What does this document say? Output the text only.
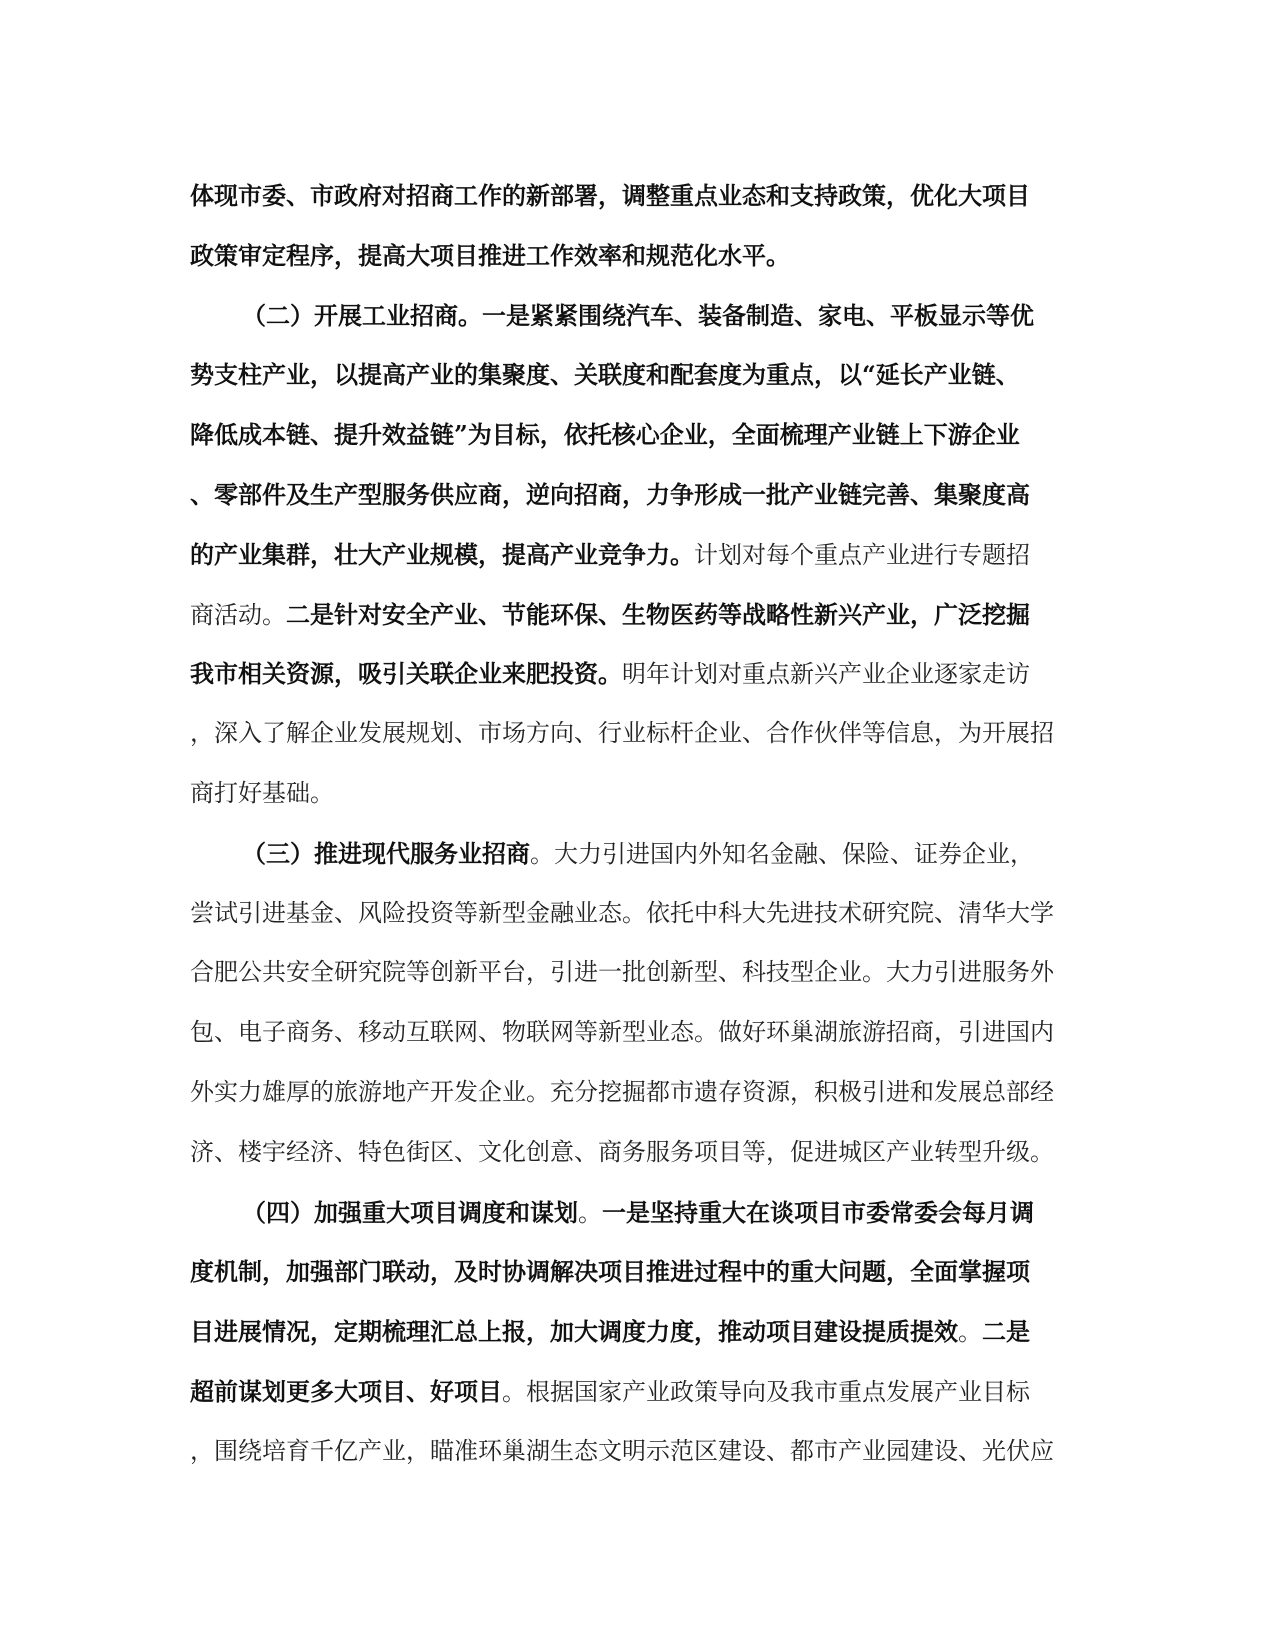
体现市委、市政府对招商工作的新部署，调整重点业态和支持政策，优化大项目
政策审定程序，提高大项目推进工作效率和规范化水平。
（二）开展工业招商。一是紧紧围绕汽车、装备制造、家电、平板显示等优
势支柱产业，以提高产业的集聚度、关联度和配套度为重点，以“延长产业链、
降低成本链、提升效益链”为目标，依托核心企业，全面梳理产业链上下游企业
、零部件及生产型服务供应商，逆向招商，力争形成一批产业链完善、集聚度高
的产业集群，壮大产业规模，提高产业竞争力。计划对每个重点产业进行专题招
商活动。二是针对安全产业、节能环保、生物医药等战略性新兴产业，广泛挖掘
我市相关资源，吸引关联企业来肥投资。明年计划对重点新兴产业企业逐家走访
，深入了解企业发展规划、市场方向、行业标杆企业、合作伙伴等信息，为开展招
商打好基础。
（三）推进现代服务业招商。大力引进国内外知名金融、保险、证券企业，
尝试引进基金、风险投资等新型金融业态。依托中科大先进技术研究院、清华大学
合肥公共安全研究院等创新平台，引进一批创新型、科技型企业。大力引进服务外
包、电子商务、移动互联网、物联网等新型业态。做好环巢湖旅游招商，引进国内
外实力雄厚的旅游地产开发企业。充分挖掘都市遗存资源，积极引进和发展总部经
济、楼宇经济、特色街区、文化创意、商务服务项目等，促进城区产业转型升级。
（四）加强重大项目调度和谋划。一是坚持重大在谈项目市委常委会每月调
度机制，加强部门联动，及时协调解决项目推进过程中的重大问题，全面掌握项
目进展情况，定期梳理汇总上报，加大调度力度，推动项目建设提质提效。二是
超前谋划更多大项目、好项目。根据国家产业政策导向及我市重点发展产业目标
，围绕培育千亿产业，瞄准环巢湖生态文明示范区建设、都市产业园建设、光伏应
